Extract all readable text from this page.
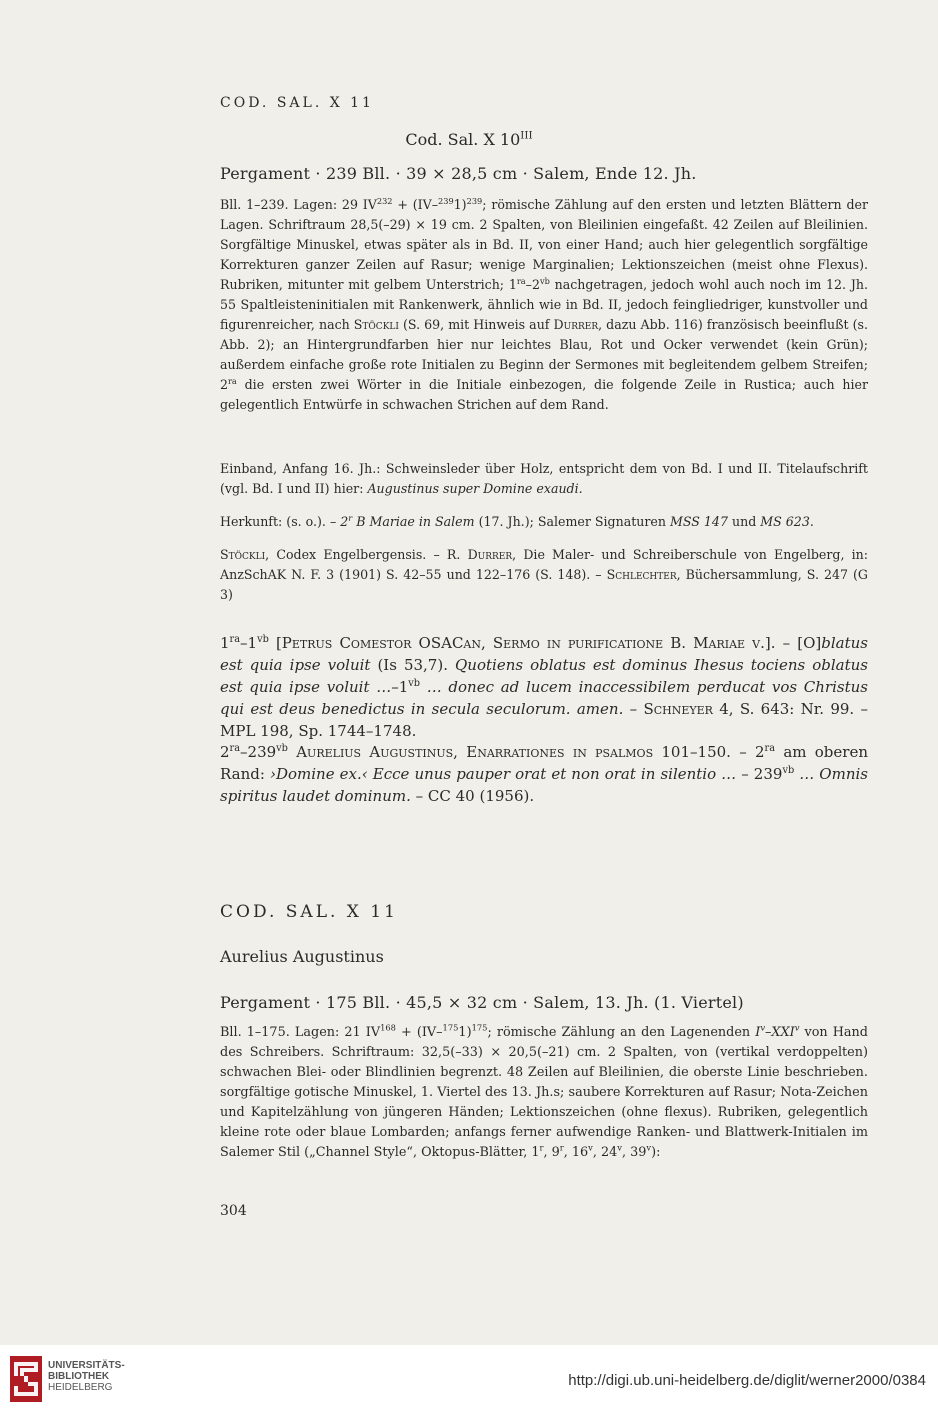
COD. SAL. X 11
Cod. Sal. X $10^{III}$
Pergament · 239 Bll. · 39 × 28,5 cm · Salem, Ende 12. Jh.
Bll. 1–239. Lagen: 29 $IV^{232} + (IV-^{239}1)^{239}$; römische Zählung auf den ersten und letzten Blättern der Lagen. Schriftraum 28,5(–29) × 19 cm. 2 Spalten, von Bleilinien eingefaßt. 42 Zeilen auf Bleilinien. Sorgfältige Minuskel, etwas später als in Bd. II, von einer Hand; auch hier gelegentlich sorgfältige Korrekturen ganzer Zeilen auf Rasur; wenige Marginalien; Lektionszeichen (meist ohne Flexus). Rubriken, mitunter mit gelbem Unterstrich; $1^{ra}-2^{vb}$ nachgetragen, jedoch wohl auch noch im 12. Jh. 55 Spaltleisteninitialen mit Rankenwerk, ähnlich wie in Bd. II, jedoch feingliedriger, kunstvoller und figurenreicher, nach Stöckli (S. 69, mit Hinweis auf Durrer, dazu Abb. 116) französisch beeinflußt (s. Abb. 2); an Hintergrundfarben hier nur leichtes Blau, Rot und Ocker verwendet (kein Grün); außerdem einfache große rote Initialen zu Beginn der Sermones mit begleitendem gelbem Streifen; $2^{ra}$ die ersten zwei Wörter in die Initiale einbezogen, die folgende Zeile in Rustica; auch hier gelegentlich Entwürfe in schwachen Strichen auf dem Rand.
Einband, Anfang 16. Jh.: Schweinsleder über Holz, entspricht dem von Bd. I und II. Titelaufschrift (vgl. Bd. I und II) hier: Augustinus super Domine exaudi.
Herkunft: (s. o.). – 2$^r$ B Mariae in Salem (17. Jh.); Salemer Signaturen MSS 147 und MS 623.
Stöckli, Codex Engelbergensis. – R. Durrer, Die Maler- und Schreiberschule von Engelberg, in: AnzSchAK N. F. 3 (1901) S. 42–55 und 122–176 (S. 148). – Schlechter, Büchersammlung, S. 247 (G 3)
$1^{ra}-1^{vb}$ [Petrus Comestor OSACan, Sermo in purificatione B. Mariae v.]. – [O]blatus est quia ipse voluit (Is 53,7). Quotiens oblatus est dominus Ihesus tociens oblatus est quia ipse voluit $\dots-1^{vb}$ … donec ad lucem inaccessibilem perducat vos Christus qui est deus benedictus in secula seculorum. amen. – Schneyer 4, S. 643: Nr. 99. – MPL 198, Sp. 1744–1748.
$2^{ra}-239^{vb}$ Aurelius Augustinus, Enarrationes in psalmos 101–150. – $2^{ra}$ am oberen Rand: ›Domine ex.‹ Ecce unus pauper orat et non orat in silentio … – $239^{vb}$ … Omnis spiritus laudet dominum. – CC 40 (1956).
COD. SAL. X 11
Aurelius Augustinus
Pergament · 175 Bll. · 45,5 × 32 cm · Salem, 13. Jh. (1. Viertel)
Bll. 1–175. Lagen: 21 $IV^{168} + (IV-^{175}1)^{175}$; römische Zählung an den Lagenenden $I^v-XXI^v$ von Hand des Schreibers. Schriftraum: 32,5(–33) × 20,5(–21) cm. 2 Spalten, von (vertikal verdoppelten) schwachen Blei- oder Blindlinien begrenzt. 48 Zeilen auf Bleilinien, die oberste Linie beschrieben. sorgfältige gotische Minuskel, 1. Viertel des 13. Jh.s; saubere Korrekturen auf Rasur; Nota-Zeichen und Kapitelzählung von jüngeren Händen; Lektionszeichen (ohne flexus). Rubriken, gelegentlich kleine rote oder blaue Lombarden; anfangs ferner aufwendige Ranken- und Blattwerk-Initialen im Salemer Stil („Channel Style“, Oktopus-Blätter, 1$^r$, 9$^r$, 16$^v$, 24$^v$, 39$^v$):
304
UNIVERSITÄTS-
BIBLIOTHEK
HEIDELBERG	http://digi.ub.uni-heidelberg.de/diglit/werner2000/0384
